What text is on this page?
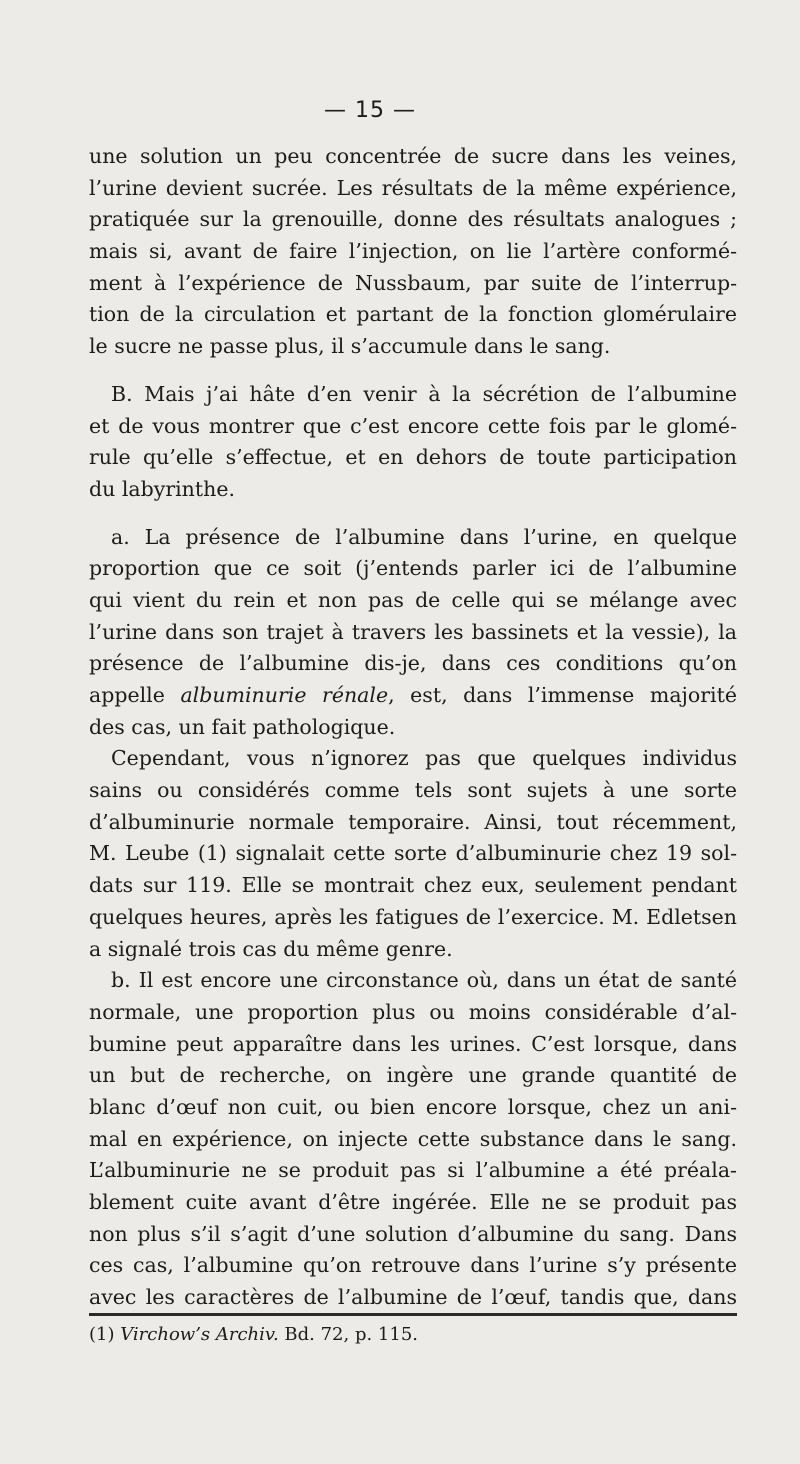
— 15 —
une solution un peu concentrée de sucre dans les veines,
l’urine devient sucrée. Les résultats de la même expérience,
pratiquée sur la grenouille, donne des résultats analogues ;
mais si, avant de faire l’injection, on lie l’artère conformé-
ment à l’expérience de Nussbaum, par suite de l’interrup-
tion de la circulation et partant de la fonction glomérulaire
le sucre ne passe plus, il s’accumule dans le sang.
B. Mais j’ai hâte d’en venir à la sécrétion de l’albumine
et de vous montrer que c’est encore cette fois par le glomé-
rule qu’elle s’effectue, et en dehors de toute participation
du labyrinthe.
a. La présence de l’albumine dans l’urine, en quelque
proportion que ce soit (j’entends parler ici de l’albumine
qui vient du rein et non pas de celle qui se mélange avec
l’urine dans son trajet à travers les bassinets et la vessie), la
présence de l’albumine dis-je, dans ces conditions qu’on
appelle albuminurie rénale, est, dans l’immense majorité
des cas, un fait pathologique.
Cependant, vous n’ignorez pas que quelques individus
sains ou considérés comme tels sont sujets à une sorte
d’albuminurie normale temporaire. Ainsi, tout récemment,
M. Leube (1) signalait cette sorte d’albuminurie chez 19 sol-
dats sur 119. Elle se montrait chez eux, seulement pendant
quelques heures, après les fatigues de l’exercice. M. Edletsen
a signalé trois cas du même genre.
b. Il est encore une circonstance où, dans un état de santé
normale, une proportion plus ou moins considérable d’al-
bumine peut apparaître dans les urines. C’est lorsque, dans
un but de recherche, on ingère une grande quantité de
blanc d’œuf non cuit, ou bien encore lorsque, chez un ani-
mal en expérience, on injecte cette substance dans le sang.
L’albuminurie ne se produit pas si l’albumine a été préala-
blement cuite avant d’être ingérée. Elle ne se produit pas
non plus s’il s’agit d’une solution d’albumine du sang. Dans
ces cas, l’albumine qu’on retrouve dans l’urine s’y présente
avec les caractères de l’albumine de l’œuf, tandis que, dans
(1) Virchow’s Archiv. Bd. 72, p. 115.
